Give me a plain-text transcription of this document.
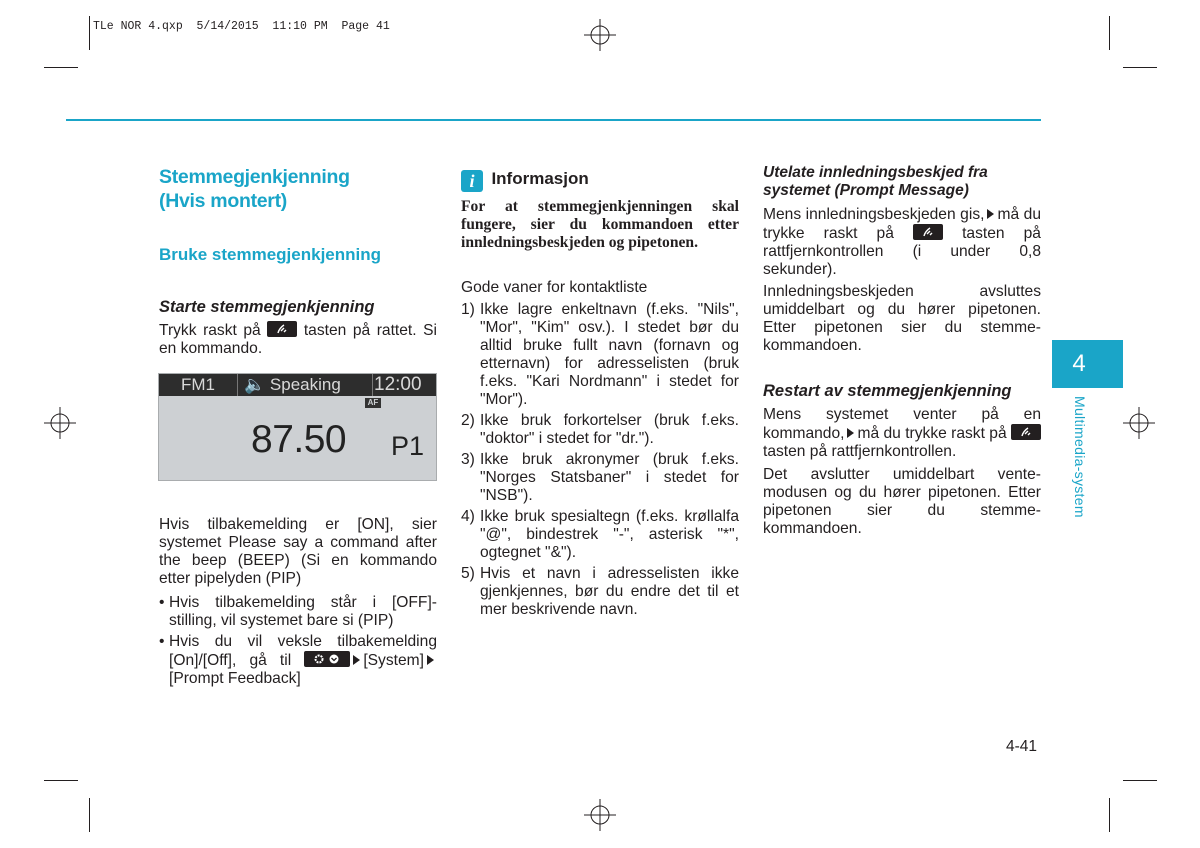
TLe NOR 4.qxp  5/14/2015  11:10 PM  Page 41
Stemmegjenkjenning
(Hvis montert)
Bruke stemmegjenkjenning
Starte stemmegjenkjenning
Trykk raskt på	tasten på rattet. Si en kommando.
FM1 🔈 Speaking 12:00
AF
87.50 P1
Hvis tilbakemelding er [ON], sier systemet Please say a command after the beep (BEEP) (Si en kommando etter pipelyden (PIP)
• Hvis tilbakemelding står i [OFF]-stilling, vil systemet bare si (PIP)
• Hvis du vil veksle tilbakemelding [On]/[Off], gå til	[System] [Prompt Feedback]
i Informasjon
For at stemmegjenkjenningen skal fungere, sier du kommandoen etter innledningsbeskjeden og pipetonen.
Gode vaner for kontaktliste
1) Ikke lagre enkeltnavn (f.eks. "Nils", "Mor", "Kim" osv.). I stedet bør du alltid bruke fullt navn (fornavn og etternavn) for adresselisten (bruk f.eks. "Kari Nordmann" i stedet for "Mor").
2) Ikke bruk forkortelser (bruk f.eks. "doktor" i stedet for "dr.").
3) Ikke bruk akronymer (bruk f.eks. "Norges Statsbaner" i stedet for "NSB").
4) Ikke bruk spesialtegn (f.eks. krøllalfa "@", bindestrek "-", asterisk "*", ogtegnet "&").
5) Hvis et navn i adresselisten ikke gjenkjennes, bør du endre det til et mer beskrivende navn.
Utelate innledningsbeskjed fra
systemet (Prompt Message)
Mens innledningsbeskjeden gis, må du trykke raskt på	tasten på rattfjernkontrollen (i under 0,8 sekunder).
Innledningsbeskjeden avsluttes umiddelbart og du hører pipetonen. Etter pipetonen sier du stemme-kommandoen.
Restart av stemmegjenkjenning
Mens systemet venter på en kommando, må du trykke raskt på
tasten på rattfjernkontrollen.
Det avslutter umiddelbart vente-modusen og du hører pipetonen. Etter pipetonen sier du stemme-kommandoen.
4
Multimedia-system
4-41
